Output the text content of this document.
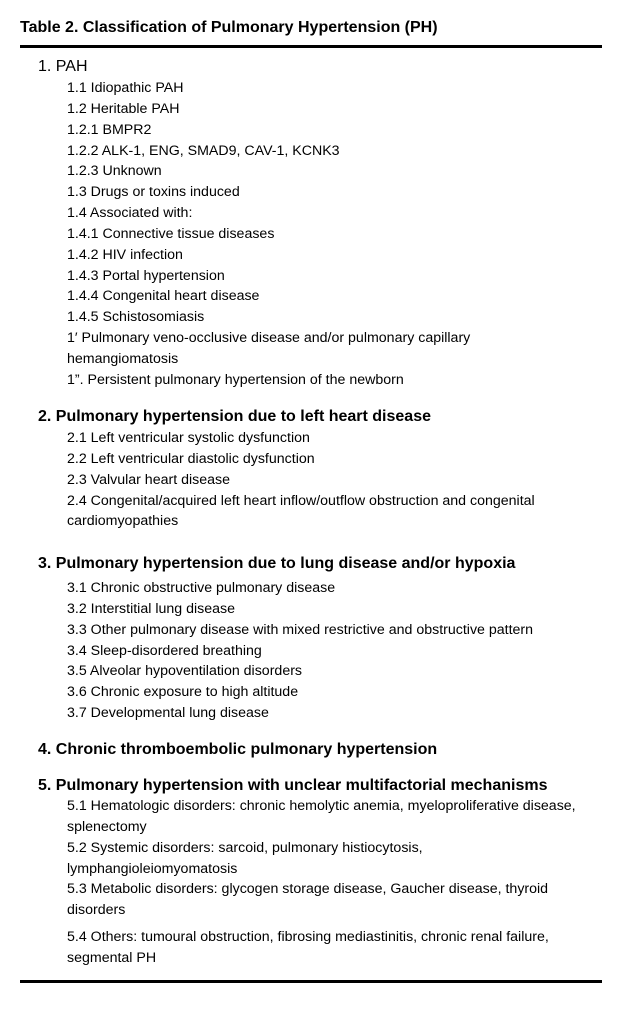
Table 2. Classification of Pulmonary Hypertension (PH)
1. PAH
1.1 Idiopathic PAH
1.2 Heritable PAH
1.2.1 BMPR2
1.2.2 ALK-1, ENG, SMAD9, CAV-1, KCNK3
1.2.3 Unknown
1.3 Drugs or toxins induced
1.4 Associated with:
1.4.1 Connective tissue diseases
1.4.2 HIV infection
1.4.3 Portal hypertension
1.4.4 Congenital heart disease
1.4.5 Schistosomiasis
1′ Pulmonary veno-occlusive disease and/or pulmonary capillary hemangiomatosis
1”. Persistent pulmonary hypertension of the newborn
2. Pulmonary hypertension due to left heart disease
2.1 Left ventricular systolic dysfunction
2.2 Left ventricular diastolic dysfunction
2.3 Valvular heart disease
2.4 Congenital/acquired left heart inflow/outflow obstruction and congenital cardiomyopathies
3. Pulmonary hypertension due to lung disease and/or hypoxia
3.1 Chronic obstructive pulmonary disease
3.2 Interstitial lung disease
3.3 Other pulmonary disease with mixed restrictive and obstructive pattern
3.4 Sleep-disordered breathing
3.5 Alveolar hypoventilation disorders
3.6 Chronic exposure to high altitude
3.7 Developmental lung disease
4. Chronic thromboembolic pulmonary hypertension
5. Pulmonary hypertension with unclear multifactorial mechanisms
5.1 Hematologic disorders: chronic hemolytic anemia, myeloproliferative disease, splenectomy
5.2 Systemic disorders: sarcoid, pulmonary histiocytosis, lymphangioleiomyomatosis
5.3 Metabolic disorders: glycogen storage disease, Gaucher disease, thyroid disorders
5.4 Others: tumoural obstruction, fibrosing mediastinitis, chronic renal failure, segmental PH
